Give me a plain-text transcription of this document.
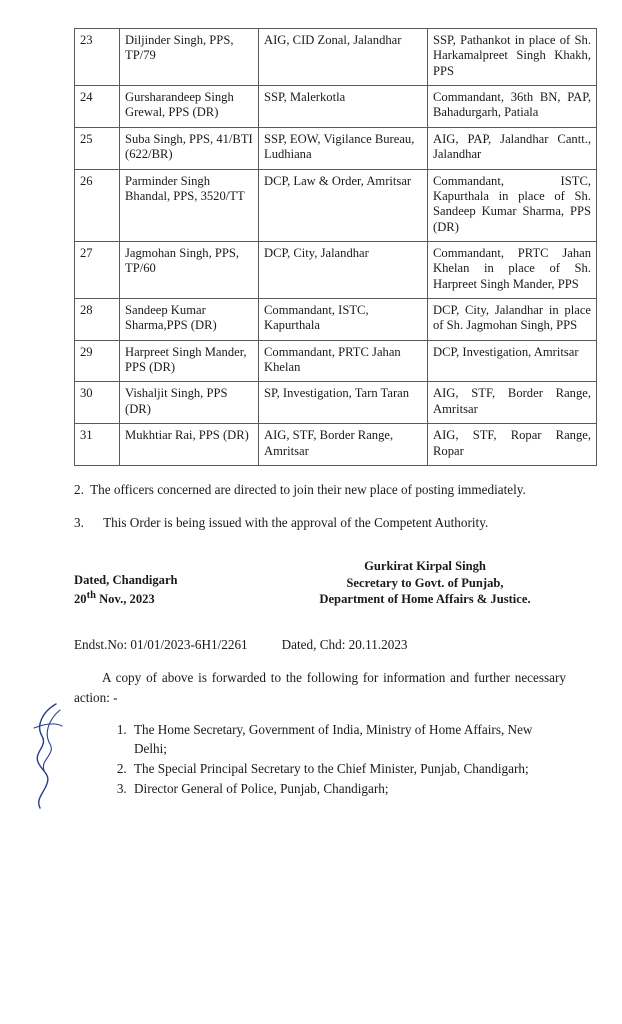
23	Diljinder Singh, PPS, TP/79	AIG, CID Zonal, Jalandhar	SSP, Pathankot in place of Sh. Harkamalpreet Singh Khakh, PPS
24	Gursharandeep Singh Grewal, PPS (DR)	SSP, Malerkotla	Commandant, 36th BN, PAP, Bahadurgarh, Patiala
25	Suba Singh, PPS, 41/BTI (622/BR)	SSP, EOW, Vigilance Bureau, Ludhiana	AIG, PAP, Jalandhar Cantt., Jalandhar
26	Parminder Singh Bhandal, PPS, 3520/TT	DCP, Law & Order, Amritsar	Commandant, ISTC, Kapurthala in place of Sh. Sandeep Kumar Sharma, PPS (DR)
27	Jagmohan Singh, PPS, TP/60	DCP, City, Jalandhar	Commandant, PRTC Jahan Khelan in place of Sh. Harpreet Singh Mander, PPS
28	Sandeep Kumar Sharma,PPS (DR)	Commandant, ISTC, Kapurthala	DCP, City, Jalandhar in place of Sh. Jagmohan Singh, PPS
29	Harpreet Singh Mander, PPS (DR)	Commandant, PRTC Jahan Khelan	DCP, Investigation, Amritsar
30	Vishaljit Singh, PPS (DR)	SP, Investigation, Tarn Taran	AIG, STF, Border Range, Amritsar
31	Mukhtiar Rai, PPS (DR)	AIG, STF, Border Range, Amritsar	AIG, STF, Ropar Range, Ropar

2. The officers concerned are directed to join their new place of posting immediately.

3. This Order is being issued with the approval of the Competent Authority.

Dated, Chandigarh
20th Nov., 2023
Gurkirat Kirpal Singh
Secretary to Govt. of Punjab,
Department of Home Affairs & Justice.
Endst.No: 01/01/2023-6H1/2261	Dated, Chd: 20.11.2023

A copy of above is forwarded to the following for information and further necessary action: -

1. The Home Secretary, Government of India, Ministry of Home Affairs, New Delhi;
2. The Special Principal Secretary to the Chief Minister, Punjab, Chandigarh;
3. Director General of Police, Punjab, Chandigarh;
